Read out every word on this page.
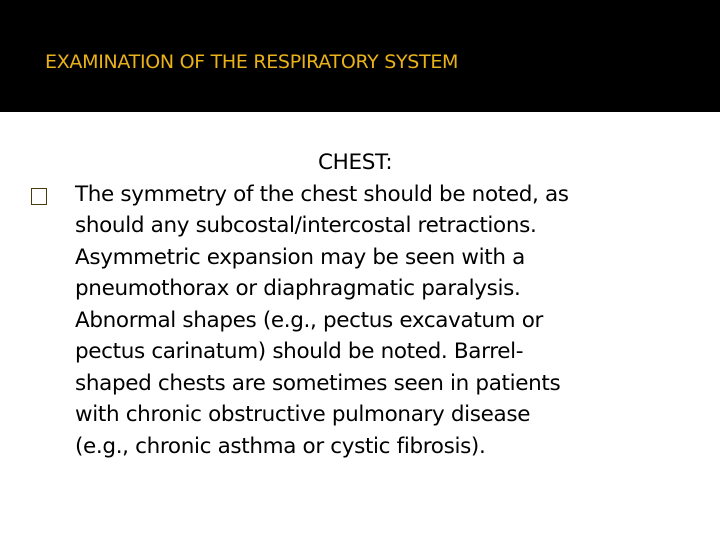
EXAMINATION OF THE RESPIRATORY SYSTEM
CHEST:
The symmetry of the chest should be noted, as
should any subcostal/intercostal retractions.
Asymmetric expansion may be seen with a
pneumothorax or diaphragmatic paralysis.
Abnormal shapes (e.g., pectus excavatum or
pectus carinatum) should be noted. Barrel-
shaped chests are sometimes seen in patients
with chronic obstructive pulmonary disease
(e.g., chronic asthma or cystic fibrosis).
